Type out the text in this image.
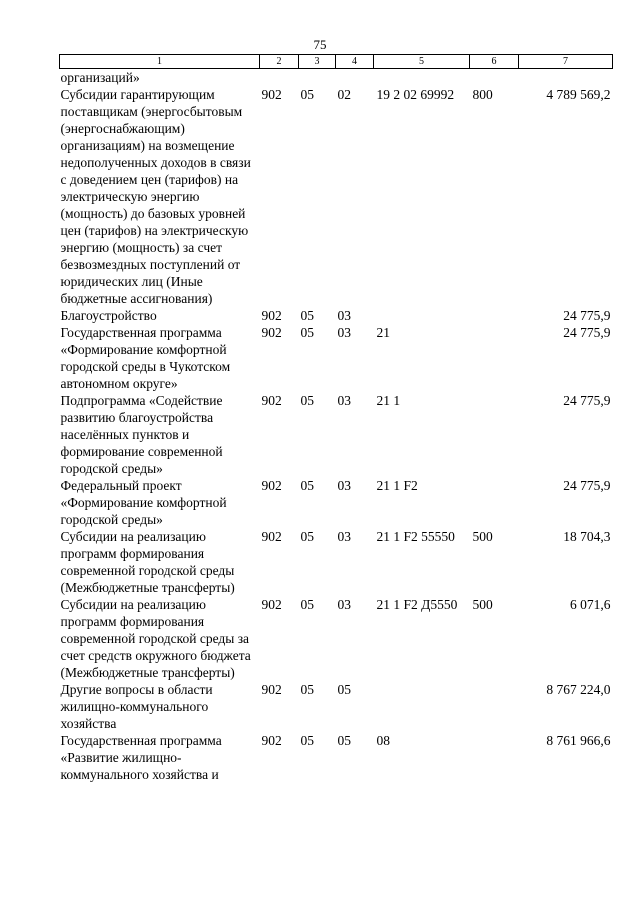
75
1	2	3	4	5	6	7
организаций»						
Субсидии гарантирующим поставщикам (энергосбытовым (энергоснабжающим) организациям) на возмещение недополученных доходов в связи с доведением цен (тарифов) на электрическую энергию (мощность) до базовых уровней цен (тарифов) на электрическую энергию (мощность) за счет безвозмездных поступлений от юридических лиц (Иные бюджетные ассигнования)	902	05	02	19 2 02 69992	800	4 789 569,2
Благоустройство	902	05	03			24 775,9
Государственная программа «Формирование комфортной городской среды в Чукотском автономном округе»	902	05	03	21		24 775,9
Подпрограмма «Содействие развитию благоустройства населённых пунктов и формирование современной городской среды»	902	05	03	21 1		24 775,9
Федеральный проект «Формирование комфортной городской среды»	902	05	03	21 1 F2		24 775,9
Субсидии на реализацию программ формирования современной городской среды (Межбюджетные трансферты)	902	05	03	21 1 F2 55550	500	18 704,3
Субсидии на реализацию программ формирования современной городской среды за счет средств окружного бюджета (Межбюджетные трансферты)	902	05	03	21 1 F2 Д5550	500	6 071,6
Другие вопросы в области жилищно-коммунального хозяйства	902	05	05			8 767 224,0
Государственная программа «Развитие жилищно-коммунального хозяйства и	902	05	05	08		8 761 966,6
